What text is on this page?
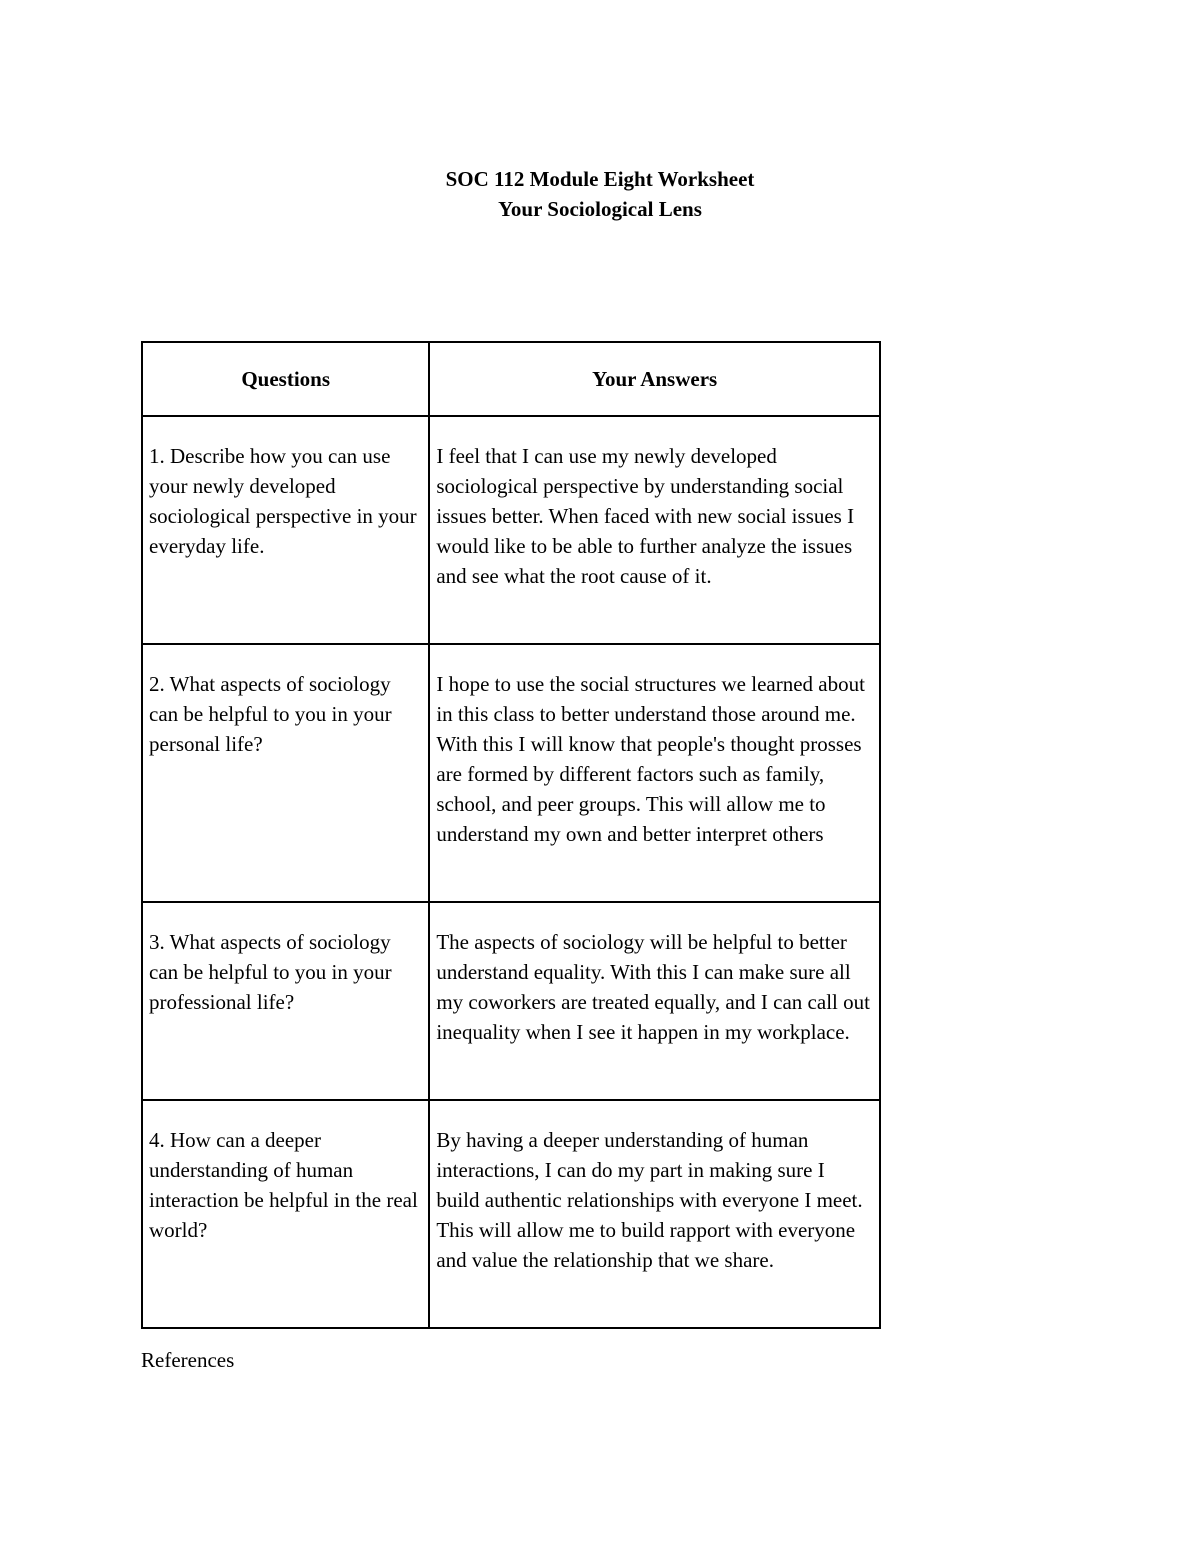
SOC 112 Module Eight Worksheet
Your Sociological Lens
Questions	Your Answers
1. Describe how you can use your newly developed sociological perspective in your everyday life.	I feel that I can use my newly developed sociological perspective by understanding social issues better. When faced with new social issues I would like to be able to further analyze the issues and see what the root cause of it.
2. What aspects of sociology can be helpful to you in your personal life?	I hope to use the social structures we learned about in this class to better understand those around me. With this I will know that people's thought prosses are formed by different factors such as family, school, and peer groups. This will allow me to understand my own and better interpret others
3. What aspects of sociology can be helpful to you in your professional life?	The aspects of sociology will be helpful to better understand equality. With this I can make sure all my coworkers are treated equally, and I can call out inequality when I see it happen in my workplace.
4. How can a deeper understanding of human interaction be helpful in the real world?	By having a deeper understanding of human interactions, I can do my part in making sure I build authentic relationships with everyone I meet. This will allow me to build rapport with everyone and value the relationship that we share.
References
